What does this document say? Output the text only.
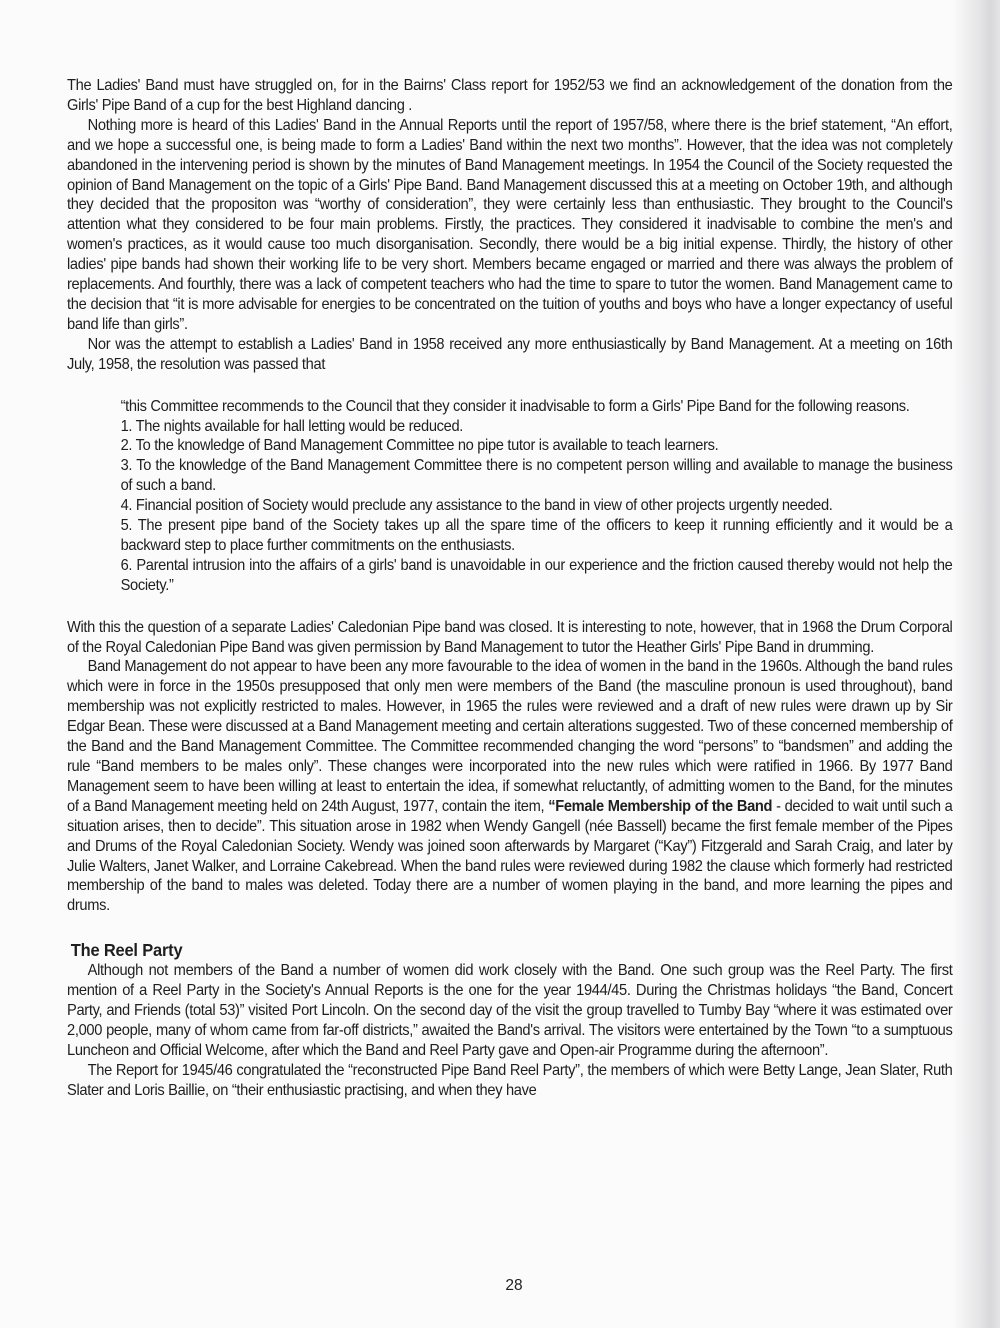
The Ladies' Band must have struggled on, for in the Bairns' Class report for 1952/53 we find an acknowledgement of the donation from the Girls' Pipe Band of a cup for the best Highland dancing .

Nothing more is heard of this Ladies' Band in the Annual Reports until the report of 1957/58, where there is the brief statement, “An effort, and we hope a successful one, is being made to form a Ladies' Band within the next two months”. However, that the idea was not completely abandoned in the intervening period is shown by the minutes of Band Management meetings. In 1954 the Council of the Society requested the opinion of Band Management on the topic of a Girls' Pipe Band. Band Management discussed this at a meeting on October 19th, and although they decided that the propositon was “worthy of consideration”, they were certainly less than enthusiastic. They brought to the Council's attention what they considered to be four main problems. Firstly, the practices. They considered it inadvisable to combine the men's and women's practices, as it would cause too much disorganisation. Secondly, there would be a big initial expense. Thirdly, the history of other ladies' pipe bands had shown their working life to be very short. Members became engaged or married and there was always the problem of replacements. And fourthly, there was a lack of competent teachers who had the time to spare to tutor the women. Band Management came to the decision that “it is more advisable for energies to be concentrated on the tuition of youths and boys who have a longer expectancy of useful band life than girls”.

Nor was the attempt to establish a Ladies' Band in 1958 received any more enthusiastically by Band Management. At a meeting on 16th July, 1958, the resolution was passed that

“this Committee recommends to the Council that they consider it inadvisable to form a Girls' Pipe Band for the following reasons.

1. The nights available for hall letting would be reduced.

2. To the knowledge of Band Management Committee no pipe tutor is available to teach learners.

3. To the knowledge of the Band Management Committee there is no competent person willing and available to manage the business of such a band.

4. Financial position of Society would preclude any assistance to the band in view of other projects urgently needed.

5. The present pipe band of the Society takes up all the spare time of the officers to keep it running efficiently and it would be a backward step to place further commitments on the enthusiasts.

6. Parental intrusion into the affairs of a girls' band is unavoidable in our experience and the friction caused thereby would not help the Society.”

With this the question of a separate Ladies' Caledonian Pipe band was closed. It is interesting to note, however, that in 1968 the Drum Corporal of the Royal Caledonian Pipe Band was given permission by Band Management to tutor the Heather Girls' Pipe Band in drumming.

Band Management do not appear to have been any more favourable to the idea of women in the band in the 1960s. Although the band rules which were in force in the 1950s presupposed that only men were members of the Band (the masculine pronoun is used throughout), band membership was not explicitly restricted to males. However, in 1965 the rules were reviewed and a draft of new rules were drawn up by Sir Edgar Bean. These were discussed at a Band Management meeting and certain alterations suggested. Two of these concerned membership of the Band and the Band Management Committee. The Committee recommended changing the word “persons” to “bandsmen” and adding the rule “Band members to be males only”. These changes were incorporated into the new rules which were ratified in 1966. By 1977 Band Management seem to have been willing at least to entertain the idea, if somewhat reluctantly, of admitting women to the Band, for the minutes of a Band Management meeting held on 24th August, 1977, contain the item, “Female Membership of the Band - decided to wait until such a situation arises, then to decide”. This situation arose in 1982 when Wendy Gangell (née Bassell) became the first female member of the Pipes and Drums of the Royal Caledonian Society. Wendy was joined soon afterwards by Margaret (“Kay”) Fitzgerald and Sarah Craig, and later by Julie Walters, Janet Walker, and Lorraine Cakebread. When the band rules were reviewed during 1982 the clause which formerly had restricted membership of the band to males was deleted. Today there are a number of women playing in the band, and more learning the pipes and drums.

The Reel Party

Although not members of the Band a number of women did work closely with the Band. One such group was the Reel Party. The first mention of a Reel Party in the Society's Annual Reports is the one for the year 1944/45. During the Christmas holidays “the Band, Concert Party, and Friends (total 53)” visited Port Lincoln. On the second day of the visit the group travelled to Tumby Bay “where it was estimated over 2,000 people, many of whom came from far-off districts,” awaited the Band's arrival. The visitors were entertained by the Town “to a sumptuous Luncheon and Official Welcome, after which the Band and Reel Party gave and Open-air Programme during the afternoon”.

The Report for 1945/46 congratulated the “reconstructed Pipe Band Reel Party”, the members of which were Betty Lange, Jean Slater, Ruth Slater and Loris Baillie, on “their enthusiastic practising, and when they have

28
